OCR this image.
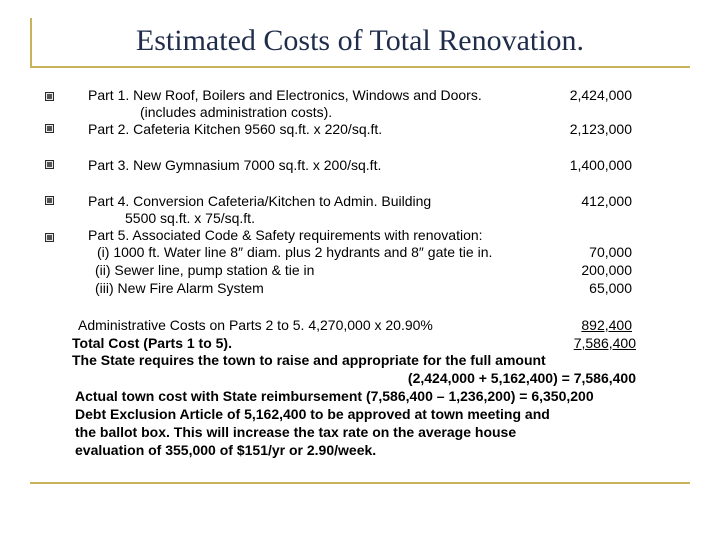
Estimated Costs of Total Renovation.
Part 1. New Roof, Boilers and Electronics, Windows and Doors.	2,424,000
(includes administration costs).
Part 2. Cafeteria Kitchen 9560 sq.ft. x 220/sq.ft.	2,123,000
Part 3. New Gymnasium 7000 sq.ft. x 200/sq.ft.	1,400,000
Part 4. Conversion Cafeteria/Kitchen to Admin. Building	412,000
5500 sq.ft. x 75/sq.ft.
Part 5. Associated Code & Safety requirements with renovation:
(i) 1000 ft. Water line 8″ diam. plus 2 hydrants and 8″ gate tie in.	70,000
(ii) Sewer line, pump station & tie in	200,000
(iii) New Fire Alarm System	65,000
Administrative Costs on Parts 2 to 5. 4,270,000 x 20.90%	892,400
Total Cost (Parts 1 to 5).	7,586,400
The State requires the town to raise and appropriate for the full amount
(2,424,000 + 5,162,400) = 7,586,400
Actual town cost with State reimbursement (7,586,400 – 1,236,200) = 6,350,200
Debt Exclusion Article of 5,162,400 to be approved at town meeting and
the ballot box. This will increase the tax rate on the average house
evaluation of 355,000 of $151/yr or 2.90/week.
